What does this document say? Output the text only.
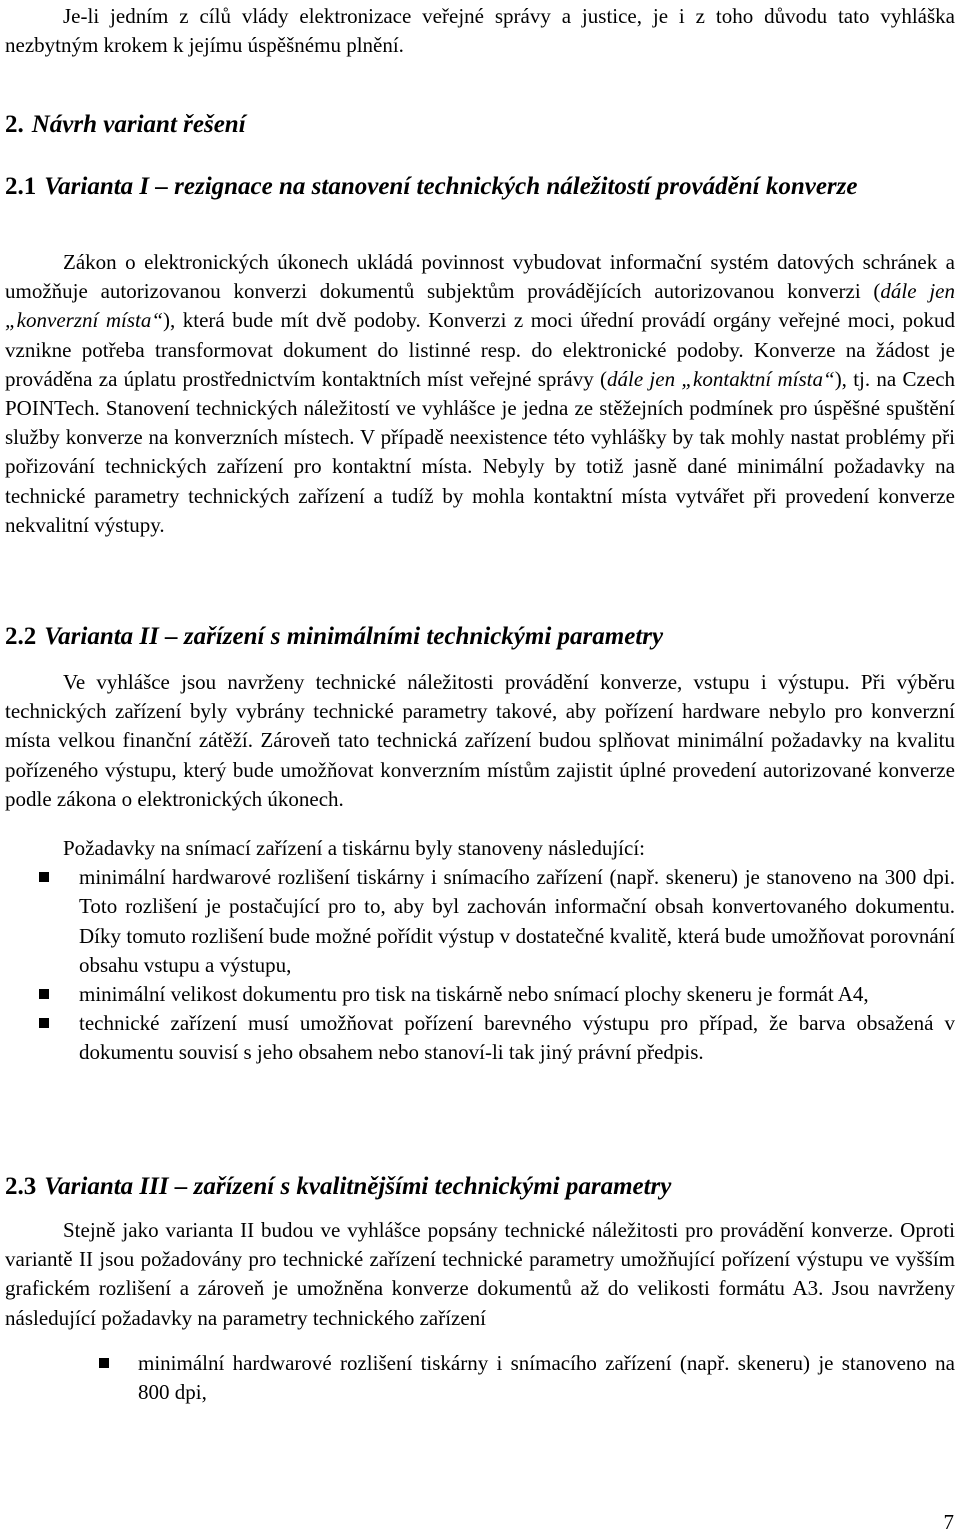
Je-li jedním z cílů vlády elektronizace veřejné správy a justice, je i z toho důvodu tato vyhláška nezbytným krokem k jejímu úspěšnému plnění.

2. Návrh variant řešení
2.1 Varianta I – rezignace na stanovení technických náležitostí provádění konverze

Zákon o elektronických úkonech ukládá povinnost vybudovat informační systém datových schránek a umožňuje autorizovanou konverzi dokumentů subjektům provádějících autorizovanou konverzi (dále jen „konverzní místa“), která bude mít dvě podoby. Konverzi z moci úřední provádí orgány veřejné moci, pokud vznikne potřeba transformovat dokument do listinné resp. do elektronické podoby. Konverze na žádost je prováděna za úplatu prostřednictvím kontaktních míst veřejné správy (dále jen „kontaktní místa“), tj. na Czech POINTech. Stanovení technických náležitostí ve vyhlášce je jedna ze stěžejních podmínek pro úspěšné spuštění služby konverze na konverzních místech. V případě neexistence této vyhlášky by tak mohly nastat problémy při pořizování technických zařízení pro kontaktní místa. Nebyly by totiž jasně dané minimální požadavky na technické parametry technických zařízení a tudíž by mohla kontaktní místa vytvářet při provedení konverze nekvalitní výstupy.

2.2 Varianta II – zařízení s minimálními technickými parametry

Ve vyhlášce jsou navrženy technické náležitosti provádění konverze, vstupu i výstupu. Při výběru technických zařízení byly vybrány technické parametry takové, aby pořízení hardware nebylo pro konverzní místa velkou finanční zátěží. Zároveň tato technická zařízení budou splňovat minimální požadavky na kvalitu pořízeného výstupu, který bude umožňovat konverzním místům zajistit úplné provedení autorizované konverze podle zákona o elektronických úkonech.

Požadavky na snímací zařízení a tiskárnu byly stanoveny následující:

minimální hardwarové rozlišení tiskárny i snímacího zařízení (např. skeneru) je stanoveno na 300 dpi. Toto rozlišení je postačující pro to, aby byl zachován informační obsah konvertovaného dokumentu. Díky tomuto rozlišení bude možné pořídit výstup v dostatečné kvalitě, která bude umožňovat porovnání obsahu vstupu a výstupu,
minimální velikost dokumentu pro tisk na tiskárně nebo snímací plochy skeneru je formát A4,
technické zařízení musí umožňovat pořízení barevného výstupu pro případ, že barva obsažená v dokumentu souvisí s jeho obsahem nebo stanoví-li tak jiný právní předpis.
2.3 Varianta III – zařízení s kvalitnějšími technickými parametry

Stejně jako varianta II budou ve vyhlášce popsány technické náležitosti pro provádění konverze. Oproti variantě II jsou požadovány pro technické zařízení technické parametry umožňující pořízení výstupu ve vyšším grafickém rozlišení a zároveň je umožněna konverze dokumentů až do velikosti formátu A3. Jsou navrženy následující požadavky na parametry technického zařízení

minimální hardwarové rozlišení tiskárny i snímacího zařízení (např. skeneru) je stanoveno na 800 dpi,
7
